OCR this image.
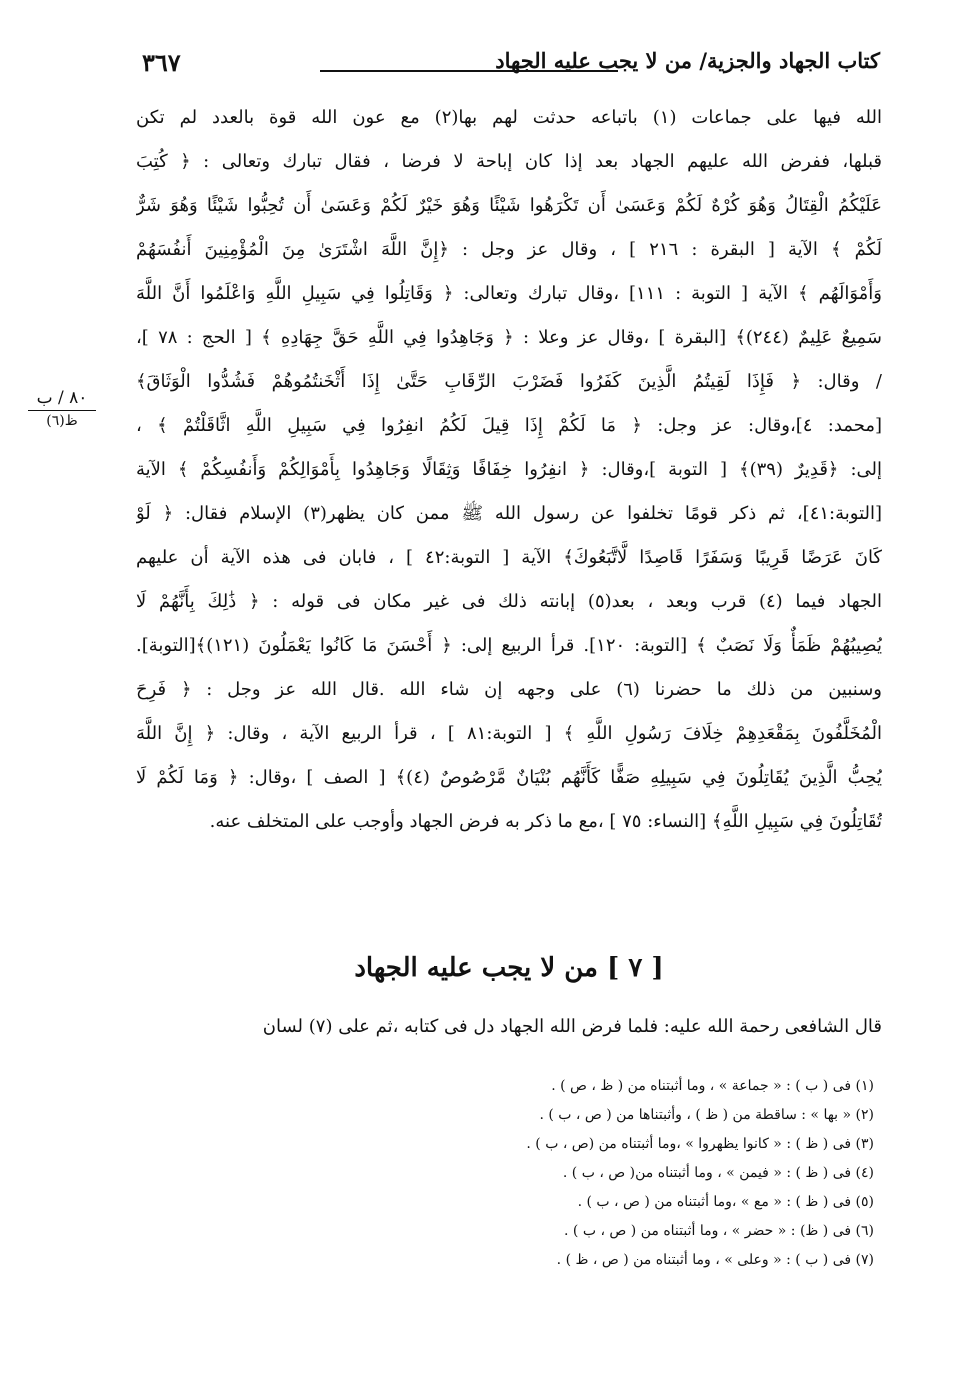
كتاب الجهاد والجزية/ من لا يجب عليه الجهاد
٣٦٧
الله فيها على جماعات (١) باتباعه حدثت لهم بها(٢) مع عون الله قوة بالعدد لم تكن
قبلها، ففرض الله عليهم الجهاد بعد إذا كان إباحة لا فرضا ، فقال تبارك وتعالى : ﴿ كُتِبَ
عَلَيْكُمُ الْقِتَالُ وَهُوَ كُرْهٌ لَكُمْ وَعَسَىٰ أَن تَكْرَهُوا شَيْئًا وَهُوَ خَيْرٌ لَكُمْ وَعَسَىٰ أَن تُحِبُّوا شَيْئًا وَهُوَ شَرٌّ
لَكُمْ ﴾ الآية [ البقرة : ٢١٦ ] ، وقال عز وجل : ﴿إِنَّ اللَّهَ اشْتَرَىٰ مِنَ الْمُؤْمِنِينَ أَنفُسَهُمْ
وَأَمْوَالَهُم ﴾ الآية [ التوبة : ١١١] ،وقال تبارك وتعالى: ﴿ وَقَاتِلُوا فِي سَبِيلِ اللَّهِ وَاعْلَمُوا أَنَّ اللَّهَ
سَمِيعٌ عَلِيمٌ (٢٤٤)﴾ [البقرة ] ،وقال عز وعلا : ﴿ وَجَاهِدُوا فِي اللَّهِ حَقَّ جِهَادِهِ ﴾ [ الحج : ٧٨ ]،
/ وقال: ﴿ فَإِذَا لَقِيتُمُ الَّذِينَ كَفَرُوا فَضَرْبَ الرِّقَابِ حَتَّىٰ إِذَا أَثْخَنتُمُوهُمْ فَشُدُّوا الْوَثَاقَ﴾
[محمد: ٤]،وقال: عز وجل: ﴿ مَا لَكُمْ إِذَا قِيلَ لَكُمُ انفِرُوا فِي سَبِيلِ اللَّهِ اثَّاقَلْتُمْ ﴾ ،
إلى: ﴿قَدِيرٌ (٣٩)﴾ [ التوبة ]،وقال: ﴿ انفِرُوا خِفَافًا وَثِقَالًا وَجَاهِدُوا بِأَمْوَالِكُمْ وَأَنفُسِكُمْ ﴾ الآية
[التوبة:٤١]، ثم ذكر قومًا تخلفوا عن رسول الله ﷺ ممن كان يظهر(٣) الإسلام فقال: ﴿ لَوْ
كَانَ عَرَضًا قَرِيبًا وَسَفَرًا قَاصِدًا لَّاتَّبَعُوكَ﴾ الآية [ التوبة:٤٢ ] ، فابان فى هذه الآية أن عليهم
الجهاد فيما (٤) قرب وبعد ، بعد(٥) إبانته ذلك فى غير مكان فى قوله : ﴿ ذَٰلِكَ بِأَنَّهُمْ لَا
يُصِيبُهُمْ ظَمَأٌ وَلَا نَصَبٌ ﴾ [التوبة: ١٢٠]. قرأ الربيع إلى: ﴿ أَحْسَنَ مَا كَانُوا يَعْمَلُونَ (١٢١)﴾[التوبة].
وسنبين من ذلك ما حضرنا (٦) على وجهه إن شاء الله .قال الله عز وجل : ﴿ فَرِحَ
الْمُخَلَّفُونَ بِمَقْعَدِهِمْ خِلَافَ رَسُولِ اللَّهِ ﴾ [ التوبة:٨١ ] ، قرأ الربيع الآية ، وقال: ﴿ إِنَّ اللَّهَ
يُحِبُّ الَّذِينَ يُقَاتِلُونَ فِي سَبِيلِهِ صَفًّا كَأَنَّهُم بُنْيَانٌ مَّرْصُوصٌ (٤)﴾ [ الصف ] ،وقال: ﴿ وَمَا لَكُمْ لَا
تُقَاتِلُونَ فِي سَبِيلِ اللَّهِ﴾ [النساء: ٧٥ ] ،مع ما ذكر به فرض الجهاد وأوجب على المتخلف عنه.
٨٠ / ب
ظ(٦)
[ ٧ ] من لا يجب عليه الجهاد
قال الشافعى رحمة الله عليه: فلما فرض الله الجهاد دل فى كتابه ،ثم على (٧) لسان
(١) فى ( ب ) : « جماعة » ، وما أثبتناه من ( ظ ، ص ) .
(٢) « بها » : ساقطة من ( ظ ) ، وأثبتناها من ( ص ، ب ) .
(٣) فى ( ظ ) : « كانوا يظهروا » ،وما أثبتناه من (ص ، ب ) .
(٤) فى ( ظ ) : « فيمن » ، وما أثبتناه من( ص ، ب ) .
(٥) فى ( ظ ) : « مع » ،وما أثبتناه من ( ص ، ب ) .
(٦) فى ( ظ) : « حضر » ، وما أثبتناه من ( ص ، ب ) .
(٧) فى ( ب ) : « وعلى » ، وما أثبتناه من ( ص ، ظ ) .
